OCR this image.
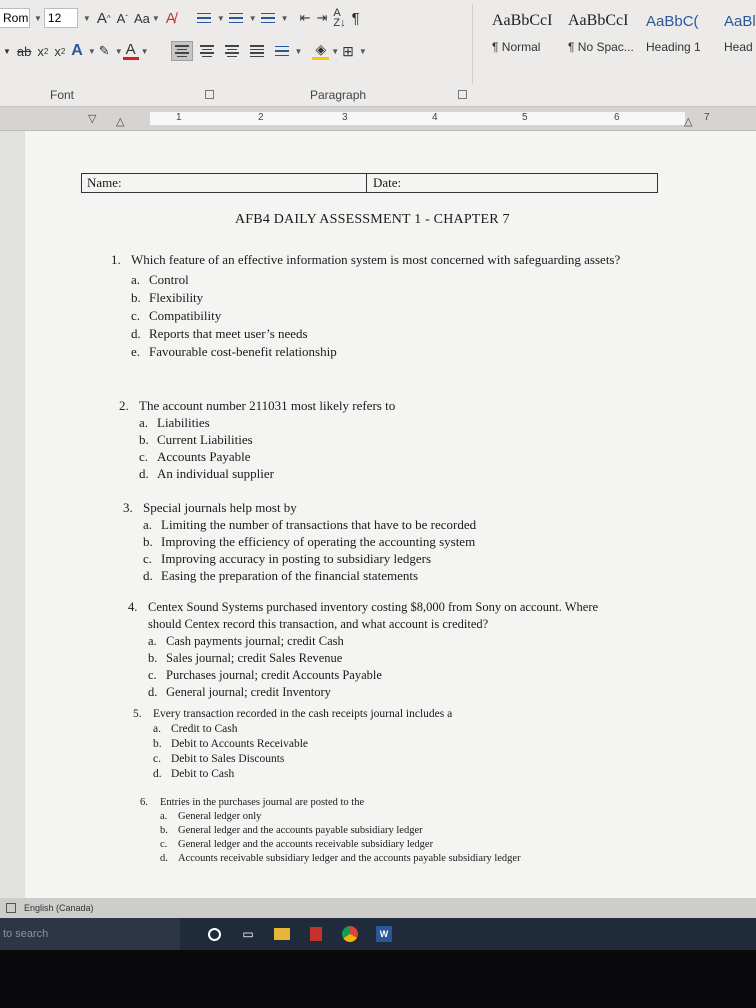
Rom ▼ 12	▼ A ^ A ˇ Aa ▼ A̸	▼	▼	▼ ⇤ ⇥ A
Z↓ ¶
▼ ab x 2 x 2 A ▼ ✎ ▼ A ▼	▼ ◈ ▼ ⊞ ▼
Font	Paragraph
AaBbCcI
¶ Normal
AaBbCcI
¶ No Spac...
AaBbC(
Heading 1
AaBl
Head
▽ △	1	2	3	4	5	6	7
△
Name:	Date:
AFB4 DAILY ASSESSMENT 1 - CHAPTER 7
1. Which feature of an effective information system is most concerned with safeguarding assets?
a. Control
b. Flexibility
c. Compatibility
d. Reports that meet user’s needs
e. Favourable cost-benefit relationship
2. The account number 211031 most likely refers to
a. Liabilities
b. Current Liabilities
c. Accounts Payable
d. An individual supplier
3. Special journals help most by
a. Limiting the number of transactions that have to be recorded
b. Improving the efficiency of operating the accounting system
c. Improving accuracy in posting to subsidiary ledgers
d. Easing the preparation of the financial statements
4. Centex Sound Systems purchased inventory costing $8,000 from Sony on account. Where should Centex record this transaction, and what account is credited?
a. Cash payments journal; credit Cash
b. Sales journal; credit Sales Revenue
c. Purchases journal; credit Accounts Payable
d. General journal; credit Inventory
5. Every transaction recorded in the cash receipts journal includes a
a. Credit to Cash
b. Debit to Accounts Receivable
c. Debit to Sales Discounts
d. Debit to Cash
6.	Entries in the purchases journal are posted to the
a.	General ledger only
b. General ledger and the accounts payable subsidiary ledger
c.	General ledger and the accounts receivable subsidiary ledger
d. Accounts receivable subsidiary ledger and the accounts payable subsidiary ledger
English (Canada)
to search	▭	W
